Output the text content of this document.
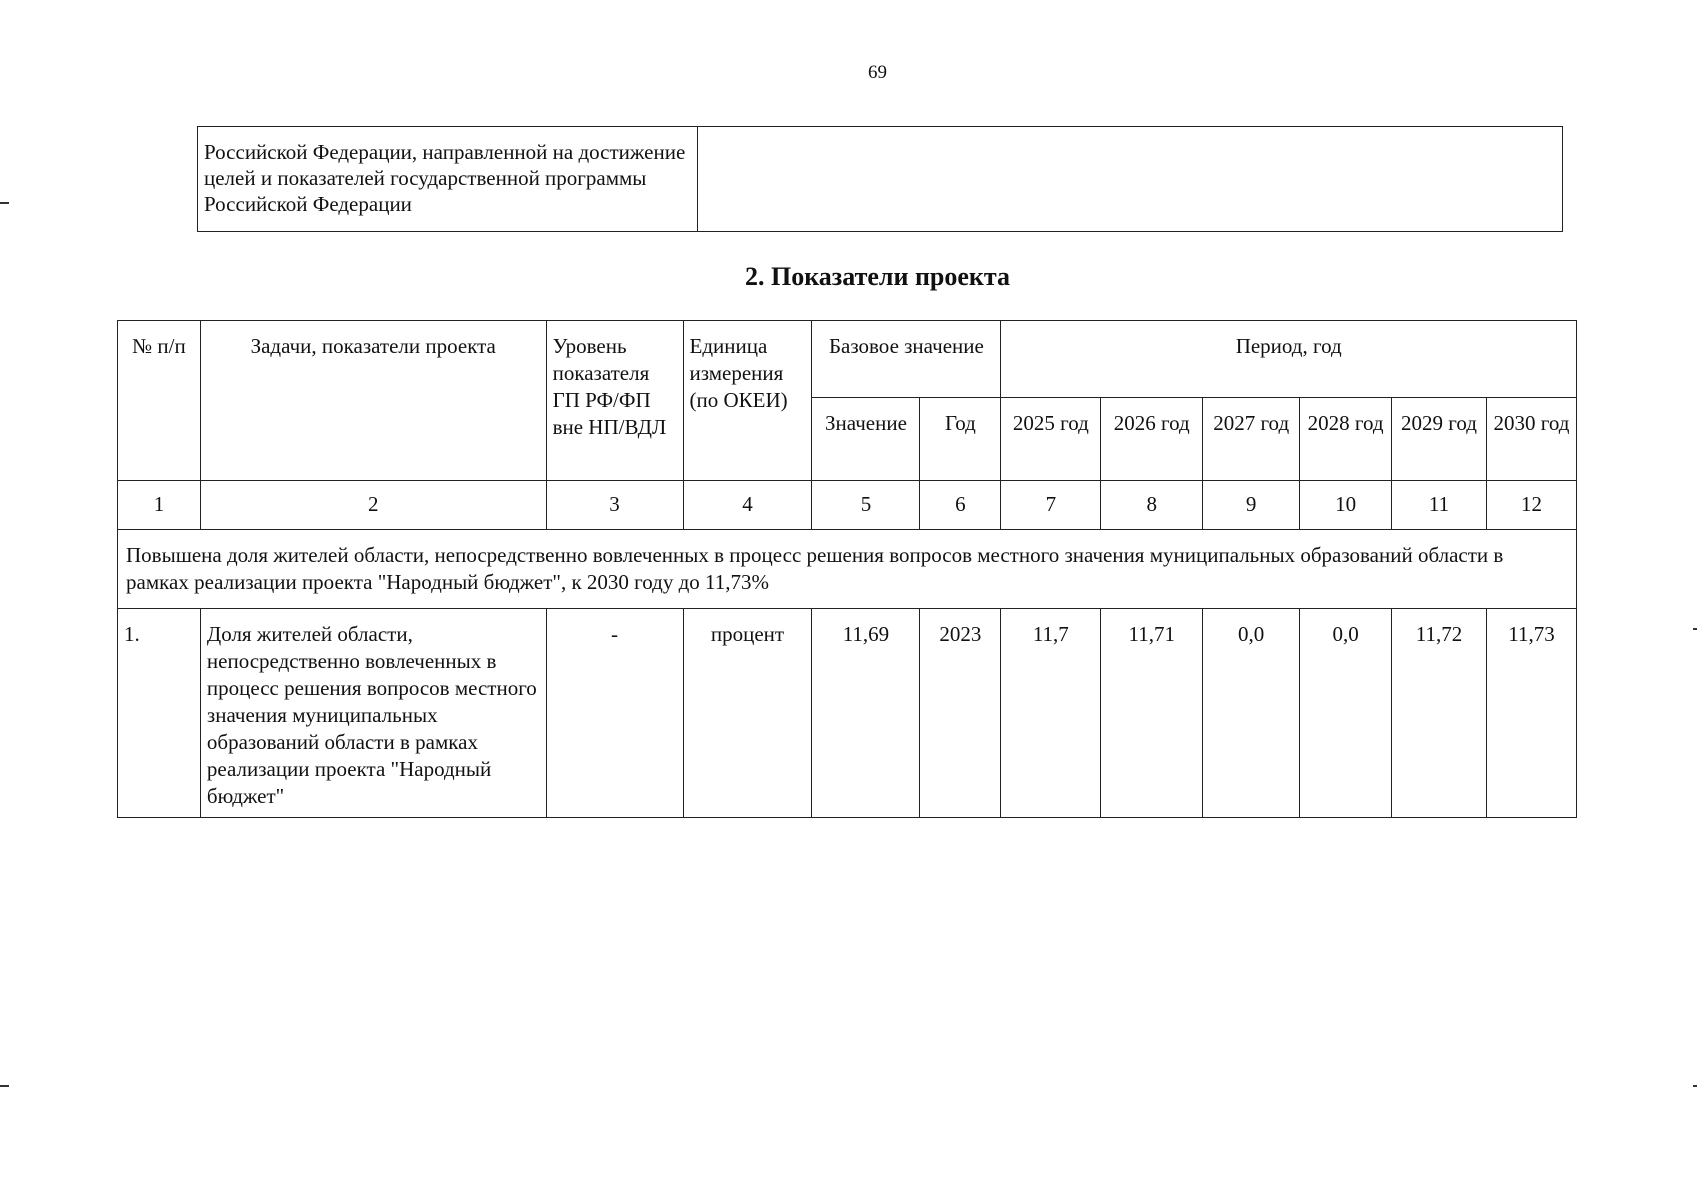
69
Российской Федерации, направленной на достижение целей и показателей государственной программы Российской Федерации	
2. Показатели проекта
№ п/п	Задачи, показатели проекта	Уровень показателя ГП РФ/ФП вне НП/ВДЛ	Единица измерения (по ОКЕИ)	Базовое значение		Период, год					
				Значение	Год	2025 год	2026 год	2027 год	2028 год	2029 год	2030 год
1	2	3	4	5	6	7	8	9	10	11	12
Повышена доля жителей области, непосредственно вовлеченных в процесс решения вопросов местного значения муниципальных образований области в рамках реализации проекта "Народный бюджет", к 2030 году до 11,73%											
1.	Доля жителей области, непосредственно вовлеченных в процесс решения вопросов местного значения муниципальных образований области в рамках реализации проекта "Народный бюджет"	-	процент	11,69	2023	11,7	11,71	0,0	0,0	11,72	11,73
